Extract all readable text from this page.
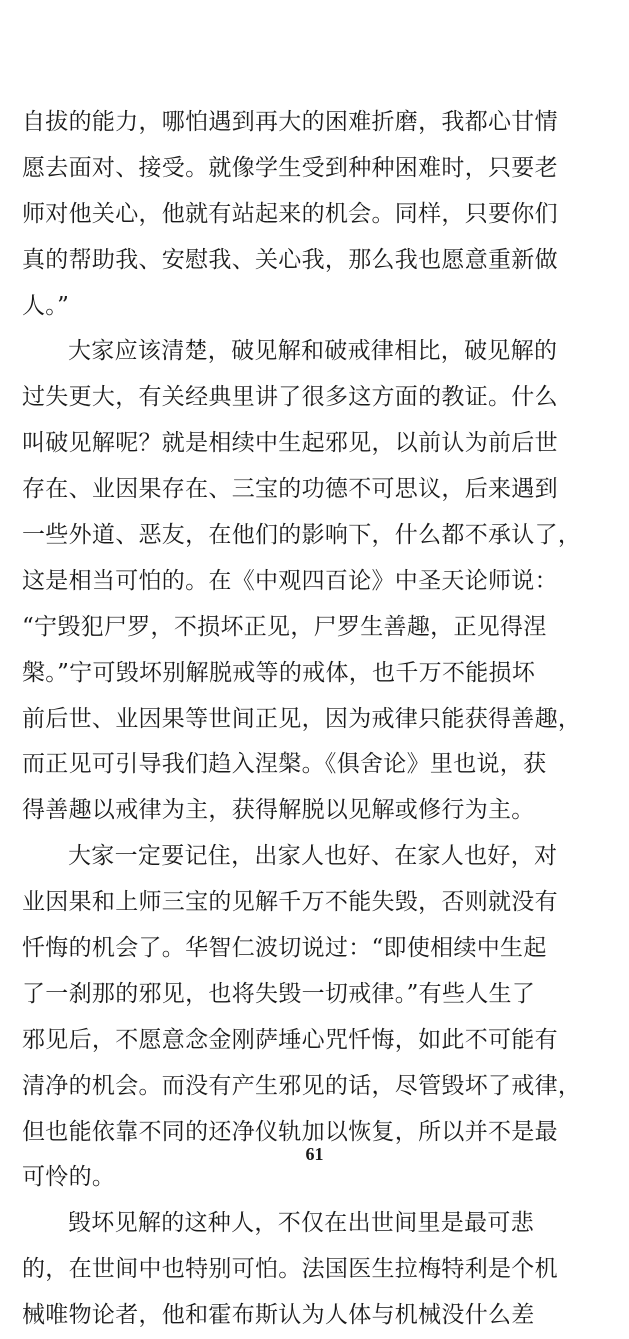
自拔的能力，哪怕遇到再大的困难折磨，我都心甘情
愿去面对、接受。就像学生受到种种困难时，只要老
师对他关心，他就有站起来的机会。同样，只要你们
真的帮助我、安慰我、关心我，那么我也愿意重新做
人。”
大家应该清楚，破见解和破戒律相比，破见解的
过失更大，有关经典里讲了很多这方面的教证。什么
叫破见解呢？就是相续中生起邪见，以前认为前后世
存在、业因果存在、三宝的功德不可思议，后来遇到
一些外道、恶友，在他们的影响下，什么都不承认了，
这是相当可怕的。在《中观四百论》中圣天论师说：
“宁毁犯尸罗，不损坏正见，尸罗生善趣，正见得涅
槃。”宁可毁坏别解脱戒等的戒体，也千万不能损坏
前后世、业因果等世间正见，因为戒律只能获得善趣，
而正见可引导我们趋入涅槃。《俱舍论》里也说，获
得善趣以戒律为主，获得解脱以见解或修行为主。
大家一定要记住，出家人也好、在家人也好，对
业因果和上师三宝的见解千万不能失毁，否则就没有
忏悔的机会了。华智仁波切说过：“即使相续中生起
了一刹那的邪见，也将失毁一切戒律。”有些人生了
邪见后，不愿意念金刚萨埵心咒忏悔，如此不可能有
清净的机会。而没有产生邪见的话，尽管毁坏了戒律，
但也能依靠不同的还净仪轨加以恢复，所以并不是最
可怜的。
毁坏见解的这种人，不仅在出世间里是最可悲
的，在世间中也特别可怕。法国医生拉梅特利是个机
械唯物论者，他和霍布斯认为人体与机械没什么差
61
